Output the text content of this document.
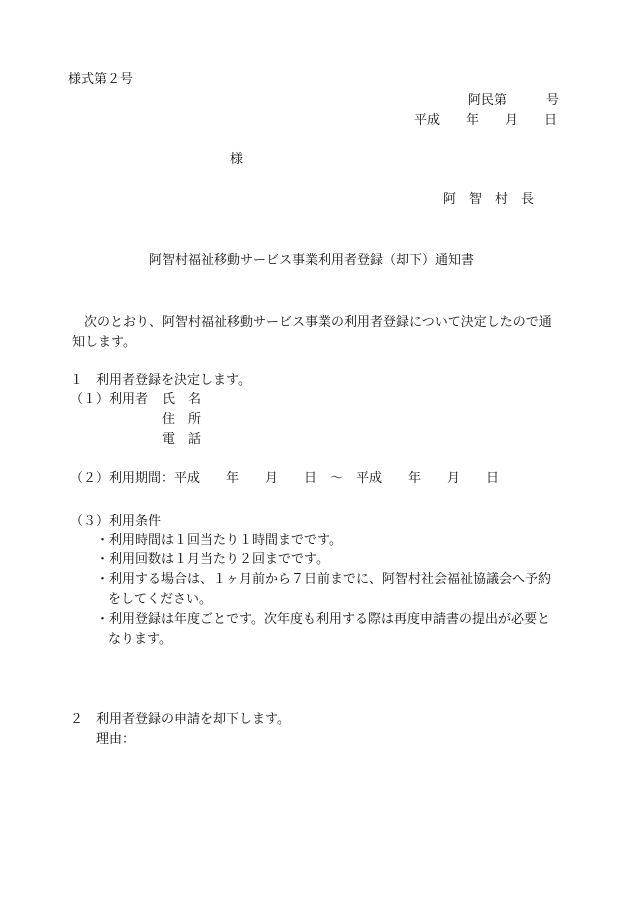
様式第２号
阿民第　　　号
平成　　年　　月　　日
様
阿　智　村　長
阿智村福祉移動サービス事業利用者登録（却下）通知書
次のとおり、阿智村福祉移動サービス事業の利用者登録について決定したので通
知します。
１　利用者登録を決定します。
（１）利用者 氏　名
住　所
電　話
（２）利用期間：平成　　年　　月　　日　～　平成　　年　　月　　日
（３）利用条件
・利用時間は１回当たり１時間までです。
・利用回数は１月当たり２回までです。
・利用する場合は、１ヶ月前から７日前までに、阿智村社会福祉協議会へ予約
をしてください。
・利用登録は年度ごとです。次年度も利用する際は再度申請書の提出が必要と
なります。
２　利用者登録の申請を却下します。
理由：
